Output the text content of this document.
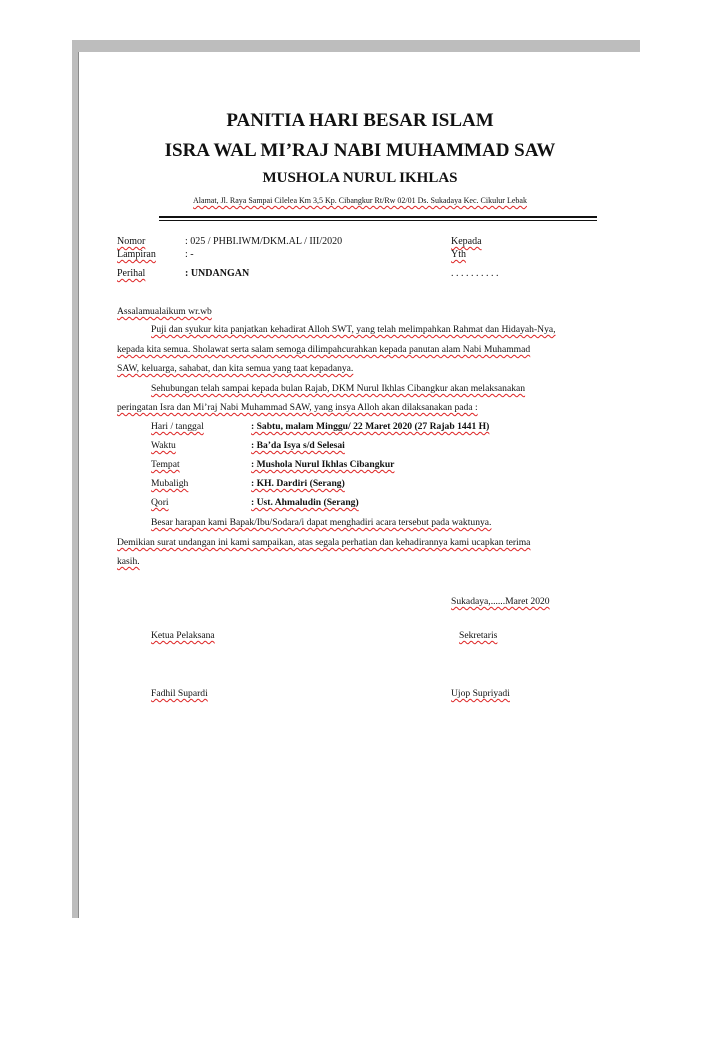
PANITIA HARI BESAR ISLAM
ISRA WAL MI’RAJ NABI MUHAMMAD SAW
MUSHOLA NURUL IKHLAS
Alamat, Jl. Raya Sampai Cilelea Km 3,5 Kp. Cibangkur Rt/Rw 02/01 Ds. Sukadaya Kec. Cikulur Lebak
Nomor	: 025 / PHBI.IWM/DKM.AL / III/2020
Lampiran	: -
Perihal	: UNDANGAN
Kepada
Yth
. . . . . . . . . .
Assalamualaikum wr.wb
Puji dan syukur kita panjatkan kehadirat Alloh SWT, yang telah melimpahkan Rahmat dan Hidayah-Nya,
kepada kita semua. Sholawat serta salam semoga dilimpahcurahkan kepada panutan alam Nabi Muhammad
SAW, keluarga, sahabat, dan kita semua yang taat kepadanya.
Sehubungan telah sampai kepada bulan Rajab, DKM Nurul Ikhlas Cibangkur akan melaksanakan
peringatan Isra dan Mi’raj Nabi Muhammad SAW, yang insya Alloh akan dilaksanakan pada :
Hari / tanggal	: Sabtu, malam Minggu/ 22 Maret 2020 (27 Rajab 1441 H)
Waktu	: Ba’da Isya s/d Selesai
Tempat	: Mushola Nurul Ikhlas Cibangkur
Mubaligh	: KH. Dardiri (Serang)
Qori	: Ust. Ahmaludin (Serang)
Besar harapan kami Bapak/Ibu/Sodara/i dapat menghadiri acara tersebut pada waktunya.
Demikian surat undangan ini kami sampaikan, atas segala perhatian dan kehadirannya kami ucapkan terima
kasih.
Sukadaya,......Maret 2020
Ketua Pelaksana	Sekretaris
Fadhil Supardi	Ujop Supriyadi
